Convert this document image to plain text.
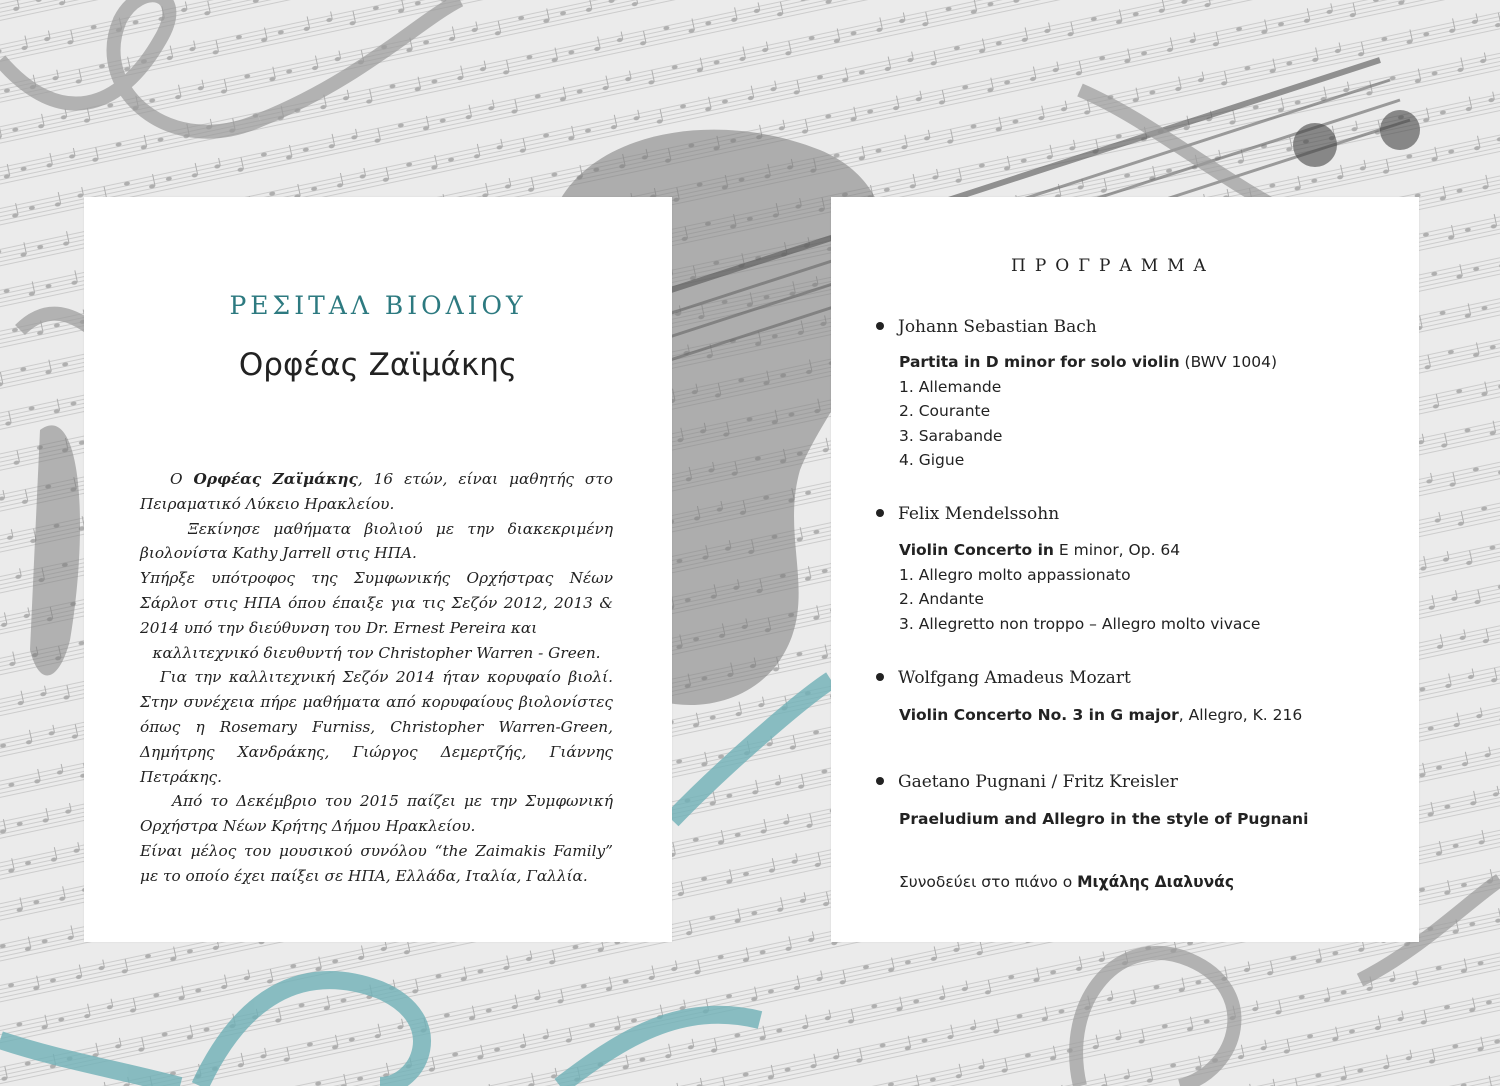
ΡΕΣΙΤΑΛ ΒΙΟΛΙΟΥ
Ορφέας Ζαϊμάκης

Ο Ορφέας Ζαϊμάκης, 16 ετών, είναι μαθητής στο Πειραματικό Λύκειο Ηρακλείου.

Ξεκίνησε μαθήματα βιολιού με την διακεκριμένη βιολονίστα Kathy Jarrell στις ΗΠΑ.

Υπήρξε υπότροφος της Συμφωνικής Ορχήστρας Νέων Σάρλοτ στις ΗΠΑ όπου έπαιξε για τις Σεζόν 2012, 2013 & 2014 υπό την διεύθυνση του Dr. Ernest Pereira και

καλλιτεχνικό διευθυντή τον Christopher Warren - Green.

Για την καλλιτεχνική Σεζόν 2014 ήταν κορυφαίο βιολί. Στην συνέχεια πήρε μαθήματα από κορυφαίους βιολονίστες όπως η Rosemary Furniss, Christopher Warren-Green, Δημήτρης Χανδράκης, Γιώργος Δεμερτζής, Γιάννης Πετράκης.

Από το Δεκέμβριο του 2015 παίζει με την Συμφωνική Ορχήστρα Νέων Κρήτης Δήμου Ηρακλείου.

Είναι μέλος του μουσικού συνόλου “the Zaimakis Family” με το οποίο έχει παίξει σε ΗΠΑ, Ελλάδα, Ιταλία, Γαλλία.

ΠΡΟΓΡΑΜΜΑ
Johann Sebastian Bach
Partita in D minor for solo violin (BWV 1004)
1. Allemande
2. Courante
3. Sarabande
4. Gigue
Felix Mendelssohn
Violin Concerto in E minor, Op. 64
1. Allegro molto appassionato
2. Andante
3. Allegretto non troppo – Allegro molto vivace
Wolfgang Amadeus Mozart
Violin Concerto No. 3 in G major, Allegro, K. 216
Gaetano Pugnani / Fritz Kreisler
Praeludium and Allegro in the style of Pugnani
Συνοδεύει στο πιάνο ο Μιχάλης Διαλυνάς
